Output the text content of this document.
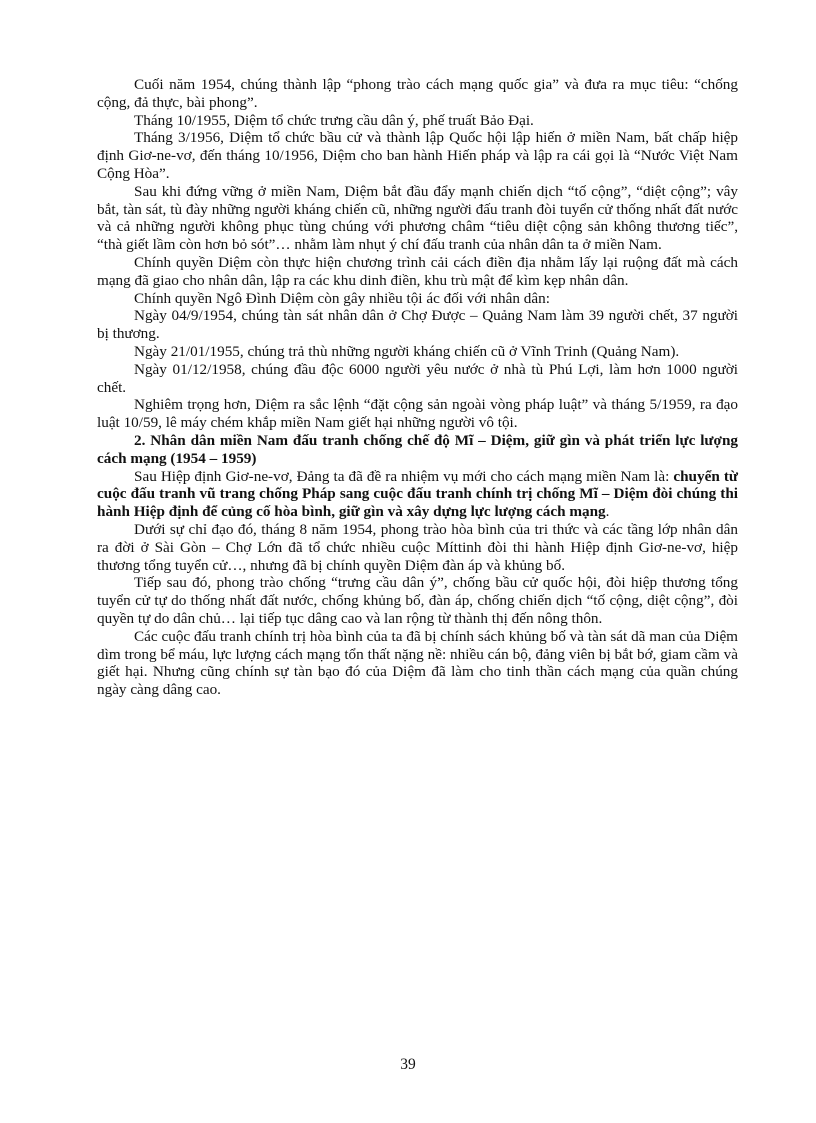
Cuối năm 1954, chúng thành lập “phong trào cách mạng quốc gia” và đưa ra mục tiêu: “chống cộng, đả thực, bài phong”.

Tháng 10/1955, Diệm tổ chức trưng cầu dân ý, phế truất Bảo Đại.

Tháng 3/1956, Diệm tổ chức bầu cử và thành lập Quốc hội lập hiến ở miền Nam, bất chấp hiệp định Giơ-ne-vơ, đến tháng 10/1956, Diệm cho ban hành Hiến pháp và lập ra cái gọi là “Nước Việt Nam Cộng Hòa”.

Sau khi đứng vững ở miền Nam, Diệm bắt đầu đẩy mạnh chiến dịch “tố cộng”, “diệt cộng”; vây bắt, tàn sát, tù đày những người kháng chiến cũ, những người đấu tranh đòi tuyển cử thống nhất đất nước và cả những người không phục tùng chúng với phương châm “tiêu diệt cộng sản không thương tiếc”, “thà giết lầm còn hơn bỏ sót”… nhằm làm nhụt ý chí đấu tranh của nhân dân ta ở miền Nam.

Chính quyền Diệm còn thực hiện chương trình cải cách điền địa nhằm lấy lại ruộng đất mà cách mạng đã giao cho nhân dân, lập ra các khu dinh điền, khu trù mật để kìm kẹp nhân dân.

Chính quyền Ngô Đình Diệm còn gây nhiều tội ác đối với nhân dân:

Ngày 04/9/1954, chúng tàn sát nhân dân ở Chợ Được – Quảng Nam làm 39 người chết, 37 người bị thương.

Ngày 21/01/1955, chúng trả thù những người kháng chiến cũ ở Vĩnh Trinh (Quảng Nam).

Ngày 01/12/1958, chúng đầu độc 6000 người yêu nước ở nhà tù Phú Lợi, làm hơn 1000 người chết.

Nghiêm trọng hơn, Diệm ra sắc lệnh “đặt cộng sản ngoài vòng pháp luật” và tháng 5/1959, ra đạo luật 10/59, lê máy chém khắp miền Nam giết hại những người vô tội.

2. Nhân dân miền Nam đấu tranh chống chế độ Mĩ – Diệm, giữ gìn và phát triển lực lượng cách mạng (1954 – 1959)

Sau Hiệp định Giơ-ne-vơ, Đảng ta đã đề ra nhiệm vụ mới cho cách mạng miền Nam là: chuyển từ cuộc đấu tranh vũ trang chống Pháp sang cuộc đấu tranh chính trị chống Mĩ – Diệm đòi chúng thi hành Hiệp định để củng cố hòa bình, giữ gìn và xây dựng lực lượng cách mạng.

Dưới sự chỉ đạo đó, tháng 8 năm 1954, phong trào hòa bình của tri thức và các tầng lớp nhân dân ra đời ở Sài Gòn – Chợ Lớn đã tổ chức nhiều cuộc Míttinh đòi thi hành Hiệp định Giơ-ne-vơ, hiệp thương tổng tuyển cử…, nhưng đã bị chính quyền Diệm đàn áp và khủng bố.

Tiếp sau đó, phong trào chống “trưng cầu dân ý”, chống bầu cử quốc hội, đòi hiệp thương tổng tuyển cử tự do thống nhất đất nước, chống khủng bố, đàn áp, chống chiến dịch “tố cộng, diệt cộng”, đòi quyền tự do dân chủ… lại tiếp tục dâng cao và lan rộng từ thành thị đến nông thôn.

Các cuộc đấu tranh chính trị hòa bình của ta đã bị chính sách khủng bố và tàn sát dã man của Diệm dìm trong bể máu, lực lượng cách mạng tổn thất nặng nề: nhiều cán bộ, đảng viên bị bắt bớ, giam cầm và giết hại. Nhưng cũng chính sự tàn bạo đó của Diệm đã làm cho tinh thần cách mạng của quần chúng ngày càng dâng cao.

39
